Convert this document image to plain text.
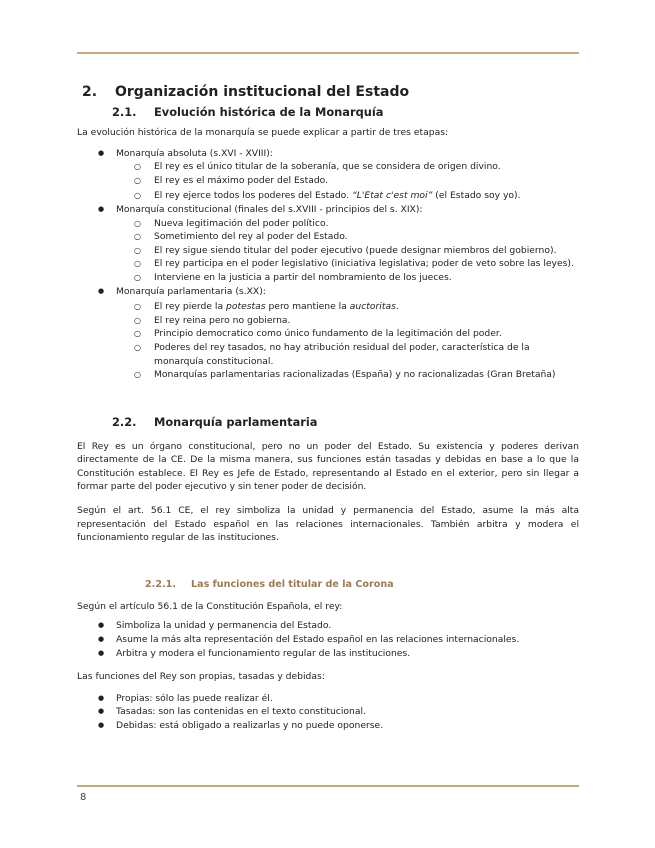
2. Organización institucional del Estado
2.1. Evolución histórica de la Monarquía

La evolución histórica de la monarquía se puede explicar a partir de tres etapas:

● Monarquía absoluta (s.XVI - XVIII):
○ El rey es el único titular de la soberanía, que se considera de origen divino.
○ El rey es el máximo poder del Estado.
○ El rey ejerce todos los poderes del Estado. “L'Etat c'est moi” (el Estado soy yo).
● Monarquía constitucional (finales del s.XVIII - principios del s. XIX):
○ Nueva legitimación del poder político.
○ Sometimiento del rey al poder del Estado.
○ El rey sigue siendo titular del poder ejecutivo (puede designar miembros del gobierno).
○ El rey participa en el poder legislativo (iniciativa legislativa; poder de veto sobre las leyes).
○ Interviene en la justicia a partir del nombramiento de los jueces.
● Monarquía parlamentaria (s.XX):
○ El rey pierde la potestas pero mantiene la auctoritas.
○ El rey reina pero no gobierna.
○ Principio democratico como único fundamento de la legitimación del poder.
○ Poderes del rey tasados, no hay atribución residual del poder, característica de la monarquía constitucional.
○ Monarquías parlamentarias racionalizadas (España) y no racionalizadas (Gran Bretaña)
2.2. Monarquía parlamentaria

El Rey es un órgano constitucional, pero no un poder del Estado. Su existencia y poderes derivan directamente de la CE. De la misma manera, sus funciones están tasadas y debidas en base a lo que la Constitución establece. El Rey es Jefe de Estado, representando al Estado en el exterior, pero sin llegar a formar parte del poder ejecutivo y sin tener poder de decisión.

Según el art. 56.1 CE, el rey simboliza la unidad y permanencia del Estado, asume la más alta representación del Estado español en las relaciones internacionales. También arbitra y modera el funcionamiento regular de las instituciones.

2.2.1. Las funciones del titular de la Corona

Según el artículo 56.1 de la Constitución Española, el rey:

● Simboliza la unidad y permanencia del Estado.
● Asume la más alta representación del Estado español en las relaciones internacionales.
● Arbitra y modera el funcionamiento regular de las instituciones.

Las funciones del Rey son propias, tasadas y debidas:

● Propias: sólo las puede realizar él.
● Tasadas: son las contenidas en el texto constitucional.
● Debidas: está obligado a realizarlas y no puede oponerse.
8
